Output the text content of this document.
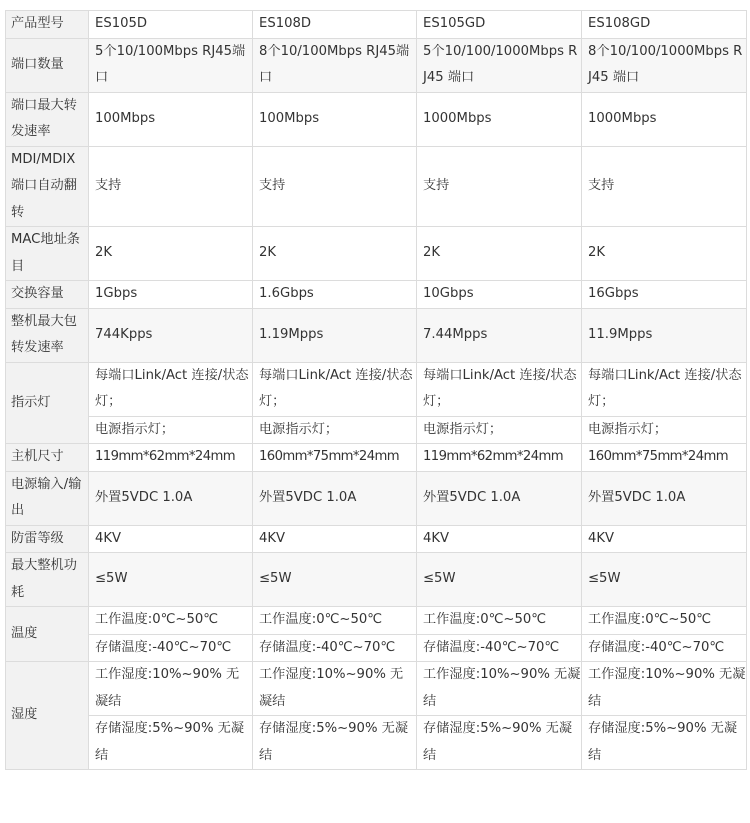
产品型号	ES105D	ES108D	ES105GD	ES108GD
端口数量	5个10/100Mbps RJ45端口	8个10/100Mbps RJ45端口	5个10/100/1000Mbps RJ45 端口	8个10/100/1000Mbps RJ45 端口
端口最大转发速率	100Mbps	100Mbps	1000Mbps	1000Mbps
MDI/MDIX端口自动翻转	支持	支持	支持	支持
MAC地址条目	2K	2K	2K	2K
交换容量	1Gbps	1.6Gbps	10Gbps	16Gbps
整机最大包转发速率	744Kpps	1.19Mpps	7.44Mpps	11.9Mpps
指示灯	每端口Link/Act 连接/状态灯；	每端口Link/Act 连接/状态灯；	每端口Link/Act 连接/状态灯；	每端口Link/Act 连接/状态灯；
	电源指示灯；	电源指示灯；	电源指示灯；	电源指示灯；
主机尺寸	119mm*62mm*24mm	160mm*75mm*24mm	119mm*62mm*24mm	160mm*75mm*24mm
电源输入/输出	外置5VDC 1.0A	外置5VDC 1.0A	外置5VDC 1.0A	外置5VDC 1.0A
防雷等级	4KV	4KV	4KV	4KV
最大整机功耗	≤5W	≤5W	≤5W	≤5W
温度	工作温度:0℃~50℃	工作温度:0℃~50℃	工作温度:0℃~50℃	工作温度:0℃~50℃
	存储温度:-40℃~70℃	存储温度:-40℃~70℃	存储温度:-40℃~70℃	存储温度:-40℃~70℃
湿度	工作湿度:10%~90% 无凝结	工作湿度:10%~90% 无凝结	工作湿度:10%~90% 无凝结	工作湿度:10%~90% 无凝结
	存储湿度:5%~90% 无凝结	存储湿度:5%~90% 无凝结	存储湿度:5%~90% 无凝结	存储湿度:5%~90% 无凝结
